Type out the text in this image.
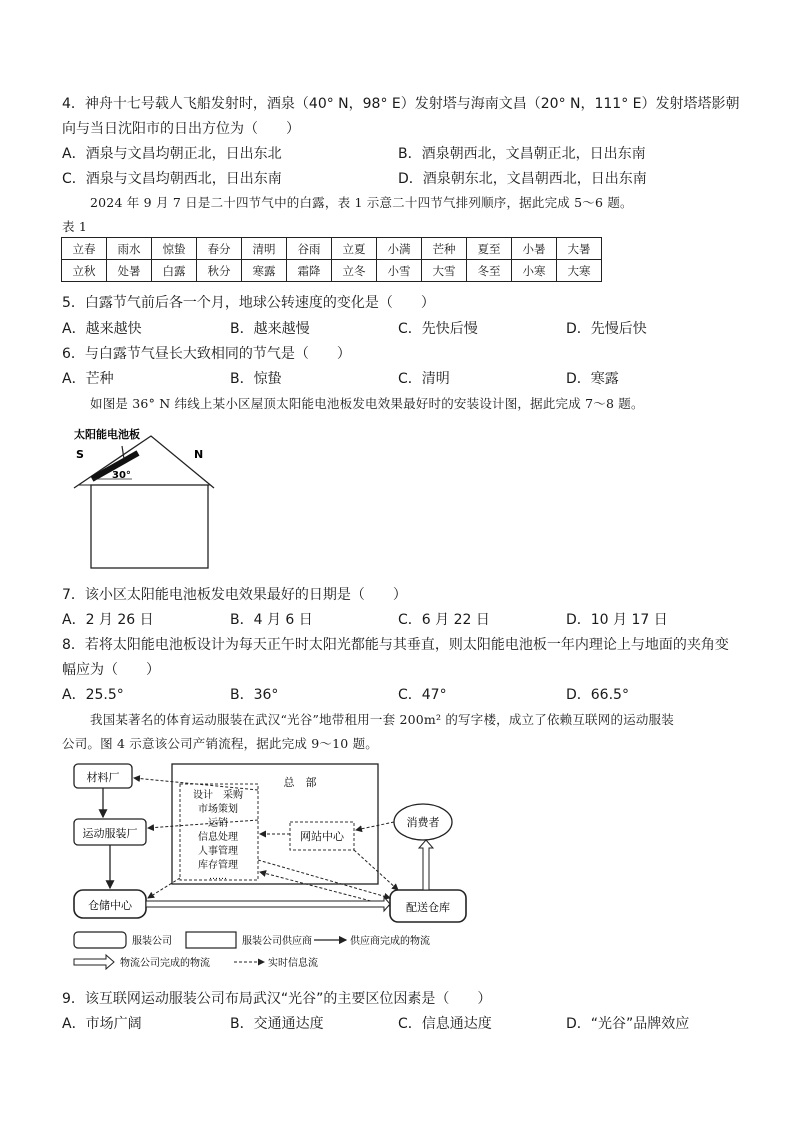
4．神舟十七号载人飞船发射时，酒泉（40° N，98° E）发射塔与海南文昌（20° N，111° E）发射塔塔影朝
向与当日沈阳市的日出方位为（　　）
A．酒泉与文昌均朝正北，日出东北	B．酒泉朝西北，文昌朝正北，日出东南
C．酒泉与文昌均朝西北，日出东南	D．酒泉朝东北，文昌朝西北，日出东南
2024 年 9 月 7 日是二十四节气中的白露，表 1 示意二十四节气排列顺序，据此完成 5～6 题。
表 1
立春	雨水	惊蛰	春分	清明	谷雨	立夏	小满	芒种	夏至	小暑	大暑
立秋	处暑	白露	秋分	寒露	霜降	立冬	小雪	大雪	冬至	小寒	大寒
5．白露节气前后各一个月，地球公转速度的变化是（　　）
A．越来越快	B．越来越慢	C．先快后慢	D．先慢后快
6．与白露节气昼长大致相同的节气是（　　）
A．芒种	B．惊蛰	C．清明	D．寒露
如图是 36° N 纬线上某小区屋顶太阳能电池板发电效果最好时的安装设计图，据此完成 7～8 题。
太阳能电池板
S	N
30°
7．该小区太阳能电池板发电效果最好的日期是（　　）
A．2 月 26 日	B．4 月 6 日	C．6 月 22 日	D．10 月 17 日
8．若将太阳能电池板设计为每天正午时太阳光都能与其垂直，则太阳能电池板一年内理论上与地面的夹角变
幅应为（　　）
A．25.5°	B．36°	C．47°	D．66.5°
我国某著名的体育运动服装在武汉“光谷”地带租用一套 200m² 的写字楼，成立了依赖互联网的运动服装
公司。图 4 示意该公司产销流程，据此完成 9～10 题。
材料厂
运动服装厂
仓储中心
总　部
设计　采购
市场策划
运销
信息处理
人事管理
库存管理
……
网站中心
消费者
配送仓库
服装公司	服装公司供应商	供应商完成的物流
物流公司完成的物流	实时信息流
9．该互联网运动服装公司布局武汉“光谷”的主要区位因素是（　　）
A．市场广阔	B．交通通达度	C．信息通达度	D．“光谷”品牌效应
